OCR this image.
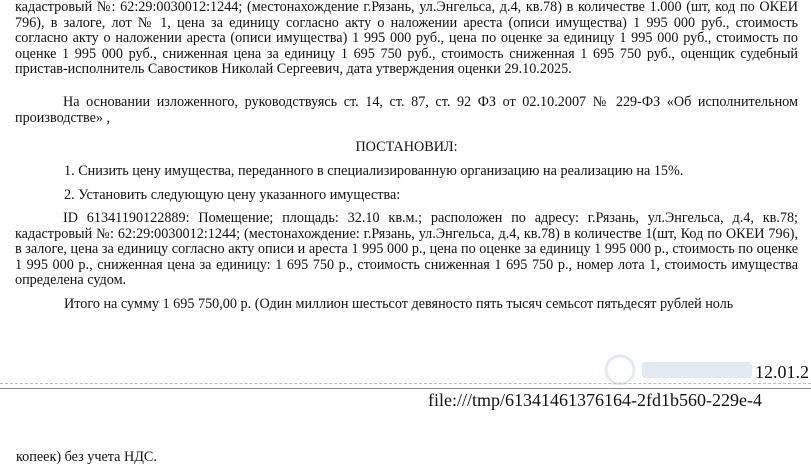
кадастровый №: 62:29:0030012:1244; (местонахождение г.Рязань, ул.Энгельса, д.4, кв.78) в количестве 1.000 (шт, код по ОКЕИ 796), в залоге, лот № 1, цена за единицу согласно акту о наложении ареста (описи имущества) 1 995 000 руб., стоимость согласно акту о наложении ареста (описи имущества) 1 995 000 руб., цена по оценке за единицу 1 995 000 руб., стоимость по оценке 1 995 000 руб., сниженная цена за единицу 1 695 750 руб., стоимость сниженная 1 695 750 руб., оценщик судебный пристав-исполнитель Савостиков Николай Сергеевич, дата утверждения оценки 29.10.2025.

На основании изложенного, руководствуясь ст. 14, ст. 87, ст. 92 ФЗ от 02.10.2007 № 229-ФЗ «Об исполнительном производстве» ,

ПОСТАНОВИЛ:

1. Снизить цену имущества, переданного в специализированную организацию на реализацию на 15%.

2. Установить следующую цену указанного имущества:

ID 61341190122889: Помещение; площадь: 32.10 кв.м.; расположен по адресу: г.Рязань, ул.Энгельса, д.4, кв.78; кадастровый №: 62:29:0030012:1244; (местонахождение: г.Рязань, ул.Энгельса, д.4, кв.78) в количестве 1(шт, Код по ОКЕИ 796), в залоге, цена за единицу согласно акту описи и ареста 1 995 000 р., цена по оценке за единицу 1 995 000 р., стоимость по оценке 1 995 000 р., сниженная цена за единицу: 1 695 750 р., стоимость сниженная 1 695 750 р., номер лота 1, стоимость имущества определена судом.

Итого на сумму 1 695 750,00 р. (Один миллион шестьсот девяносто пять тысяч семьсот пятьдесят рублей ноль

12.01.2
file:///tmp/61341461376164-2fd1b560-229e-4
копеек) без учета НДС.
